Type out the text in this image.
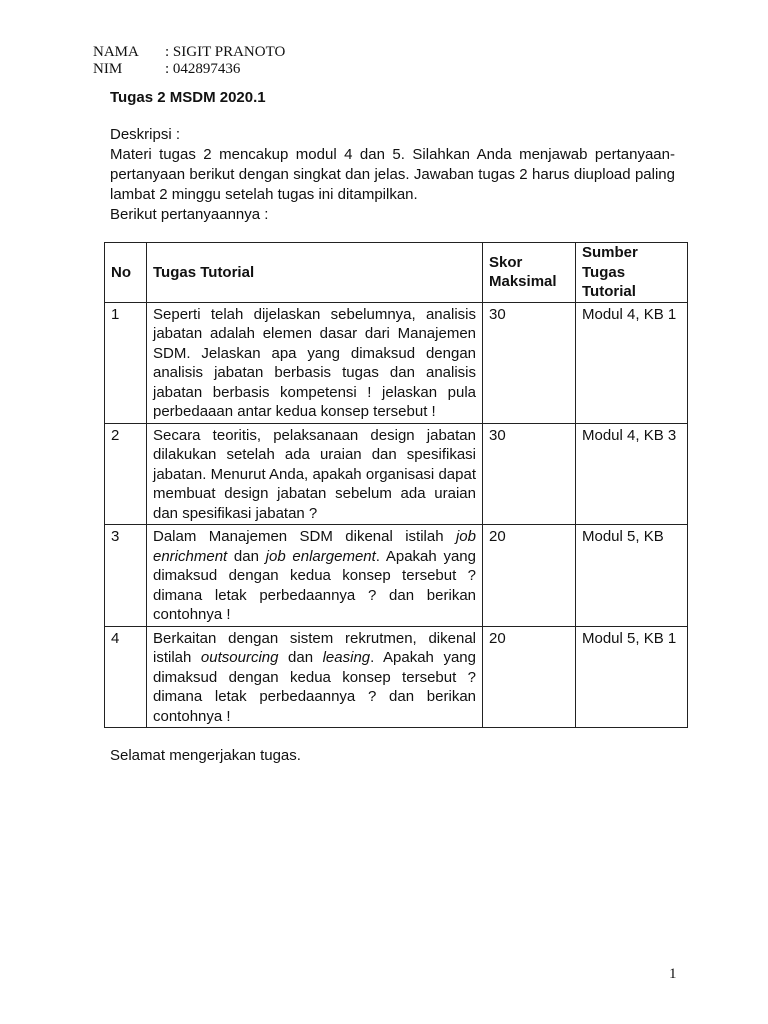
NAMA	: SIGIT PRANOTO
NIM	: 042897436
Tugas 2 MSDM 2020.1

Deskripsi :

Materi tugas 2 mencakup modul 4 dan 5. Silahkan Anda menjawab pertanyaan-pertanyaan berikut dengan singkat dan jelas. Jawaban tugas 2 harus diupload paling lambat 2 minggu setelah tugas ini ditampilkan.

Berikut pertanyaannya :

No	Tugas Tutorial	Skor Maksimal	Sumber Tugas Tutorial
1	Seperti telah dijelaskan sebelumnya, analisis jabatan adalah elemen dasar dari Manajemen SDM. Jelaskan apa yang dimaksud dengan analisis jabatan berbasis tugas dan analisis jabatan berbasis kompetensi ! jelaskan pula perbedaaan antar kedua konsep tersebut !	30	Modul 4, KB 1
2	Secara teoritis, pelaksanaan design jabatan dilakukan setelah ada uraian dan spesifikasi jabatan. Menurut Anda, apakah organisasi dapat membuat design jabatan sebelum ada uraian dan spesifikasi jabatan ?	30	Modul 4, KB 3
3	Dalam Manajemen SDM dikenal istilah job enrichment dan job enlargement. Apakah yang dimaksud dengan kedua konsep tersebut ? dimana letak perbedaannya ? dan berikan contohnya !	20	Modul 5, KB
4	Berkaitan dengan sistem rekrutmen, dikenal istilah outsourcing dan leasing. Apakah yang dimaksud dengan kedua konsep tersebut ? dimana letak perbedaannya ? dan berikan contohnya !	20	Modul 5, KB 1
Selamat mengerjakan tugas.
1
